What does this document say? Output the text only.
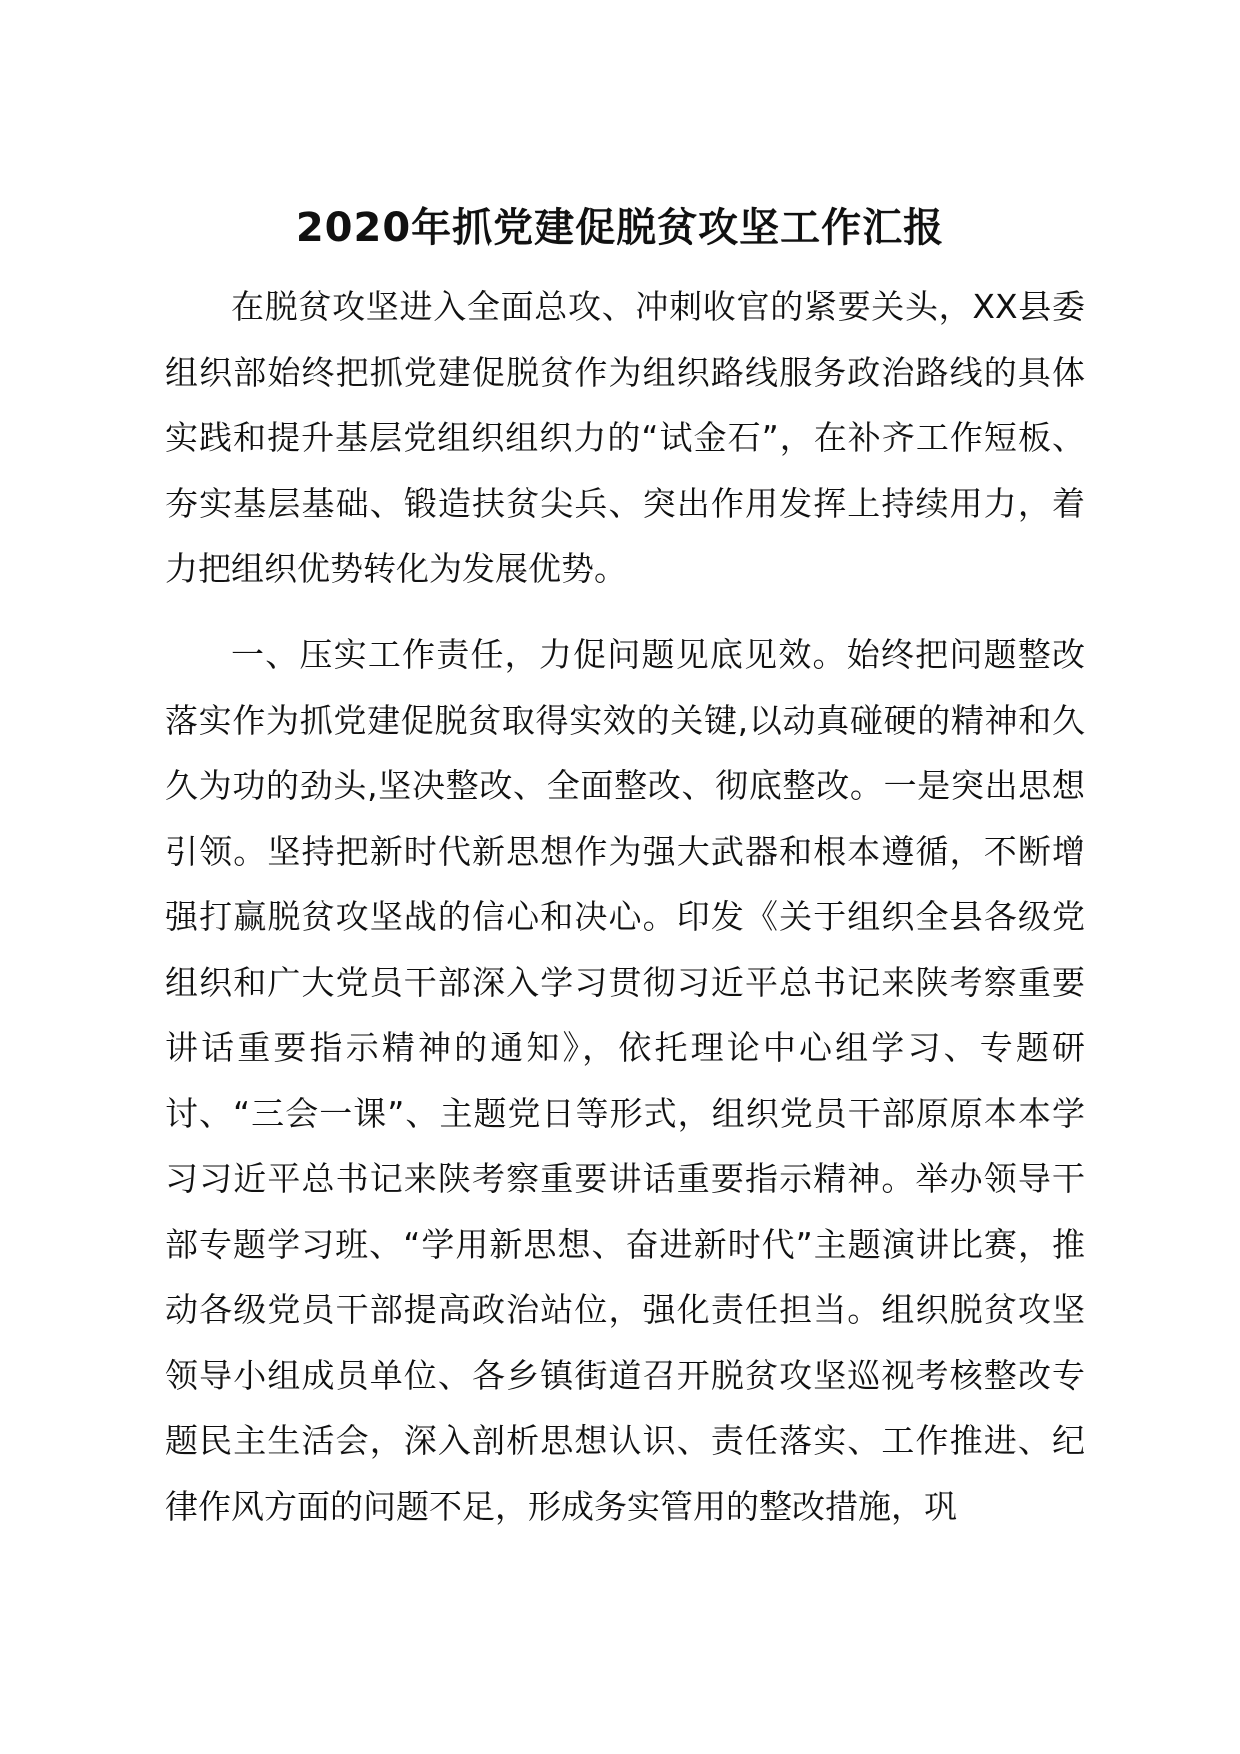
2020年抓党建促脱贫攻坚工作汇报

在脱贫攻坚进入全面总攻、冲刺收官的紧要关头，XX县委组织部始终把抓党建促脱贫作为组织路线服务政治路线的具体实践和提升基层党组织组织力的“试金石”，在补齐工作短板、夯实基层基础、锻造扶贫尖兵、突出作用发挥上持续用力，着力把组织优势转化为发展优势。

一、压实工作责任，力促问题见底见效。始终把问题整改落实作为抓党建促脱贫取得实效的关键,以动真碰硬的精神和久久为功的劲头,坚决整改、全面整改、彻底整改。一是突出思想引领。坚持把新时代新思想作为强大武器和根本遵循，不断增强打赢脱贫攻坚战的信心和决心。印发《关于组织全县各级党组织和广大党员干部深入学习贯彻习近平总书记来陕考察重要讲话重要指示精神的通知》，依托理论中心组学习、专题研讨、“三会一课”、主题党日等形式，组织党员干部原原本本学习习近平总书记来陕考察重要讲话重要指示精神。举办领导干部专题学习班、“学用新思想、奋进新时代”主题演讲比赛，推动各级党员干部提高政治站位，强化责任担当。组织脱贫攻坚领导小组成员单位、各乡镇街道召开脱贫攻坚巡视考核整改专题民主生活会，深入剖析思想认识、责任落实、工作推进、纪律作风方面的问题不足，形成务实管用的整改措施，巩
